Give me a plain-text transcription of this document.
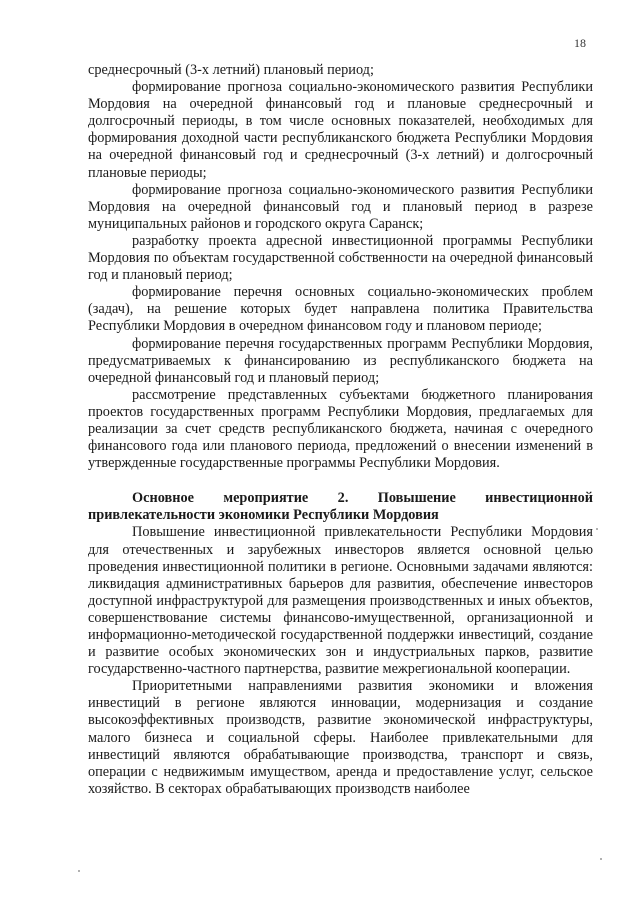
18

среднесрочный (3-х летний) плановый период;

формирование прогноза социально-экономического развития Республики Мордовия на очередной финансовый год и плановые среднесрочный и долгосрочный периоды, в том числе основных показателей, необходимых для формирования доходной части республиканского бюджета Республики Мордовия на очередной финансовый год и среднесрочный (3-х летний) и долгосрочный плановые периоды;

формирование прогноза социально-экономического развития Республики Мордовия на очередной финансовый год и плановый период в разрезе муниципальных районов и городского округа Саранск;

разработку проекта адресной инвестиционной программы Республики Мордовия по объектам государственной собственности на очередной финансовый год и плановый период;

формирование перечня основных социально-экономических проблем (задач), на решение которых будет направлена политика Правительства Республики Мордовия в очередном финансовом году и плановом периоде;

формирование перечня государственных программ Республики Мордовия, предусматриваемых к финансированию из республиканского бюджета на очередной финансовый год и плановый период;

рассмотрение представленных субъектами бюджетного планирования проектов государственных программ Республики Мордовия, предлагаемых для реализации за счет средств республиканского бюджета, начиная с очередного финансового года или планового периода, предложений о внесении изменений в утвержденные государственные программы Республики Мордовия.

Основное мероприятие 2. Повышение инвестиционной привлекательности экономики Республики Мордовия

Повышение инвестиционной привлекательности Республики Мордовия для отечественных и зарубежных инвесторов является основной целью проведения инвестиционной политики в регионе. Основными задачами являются: ликвидация административных барьеров для развития, обеспечение инвесторов доступной инфраструктурой для размещения производственных и иных объектов, совершенствование системы финансово-имущественной, организационной и информационно-методической государственной поддержки инвестиций, создание и развитие особых экономических зон и индустриальных парков, развитие государственно-частного партнерства, развитие межрегиональной кооперации.

Приоритетными направлениями развития экономики и вложения инвестиций в регионе являются инновации, модернизация и создание высокоэффективных производств, развитие экономической инфраструктуры, малого бизнеса и социальной сферы. Наиболее привлекательными для инвестиций являются обрабатывающие производства, транспорт и связь, операции с недвижимым имуществом, аренда и предоставление услуг, сельское хозяйство. В секторах обрабатывающих производств наиболее
